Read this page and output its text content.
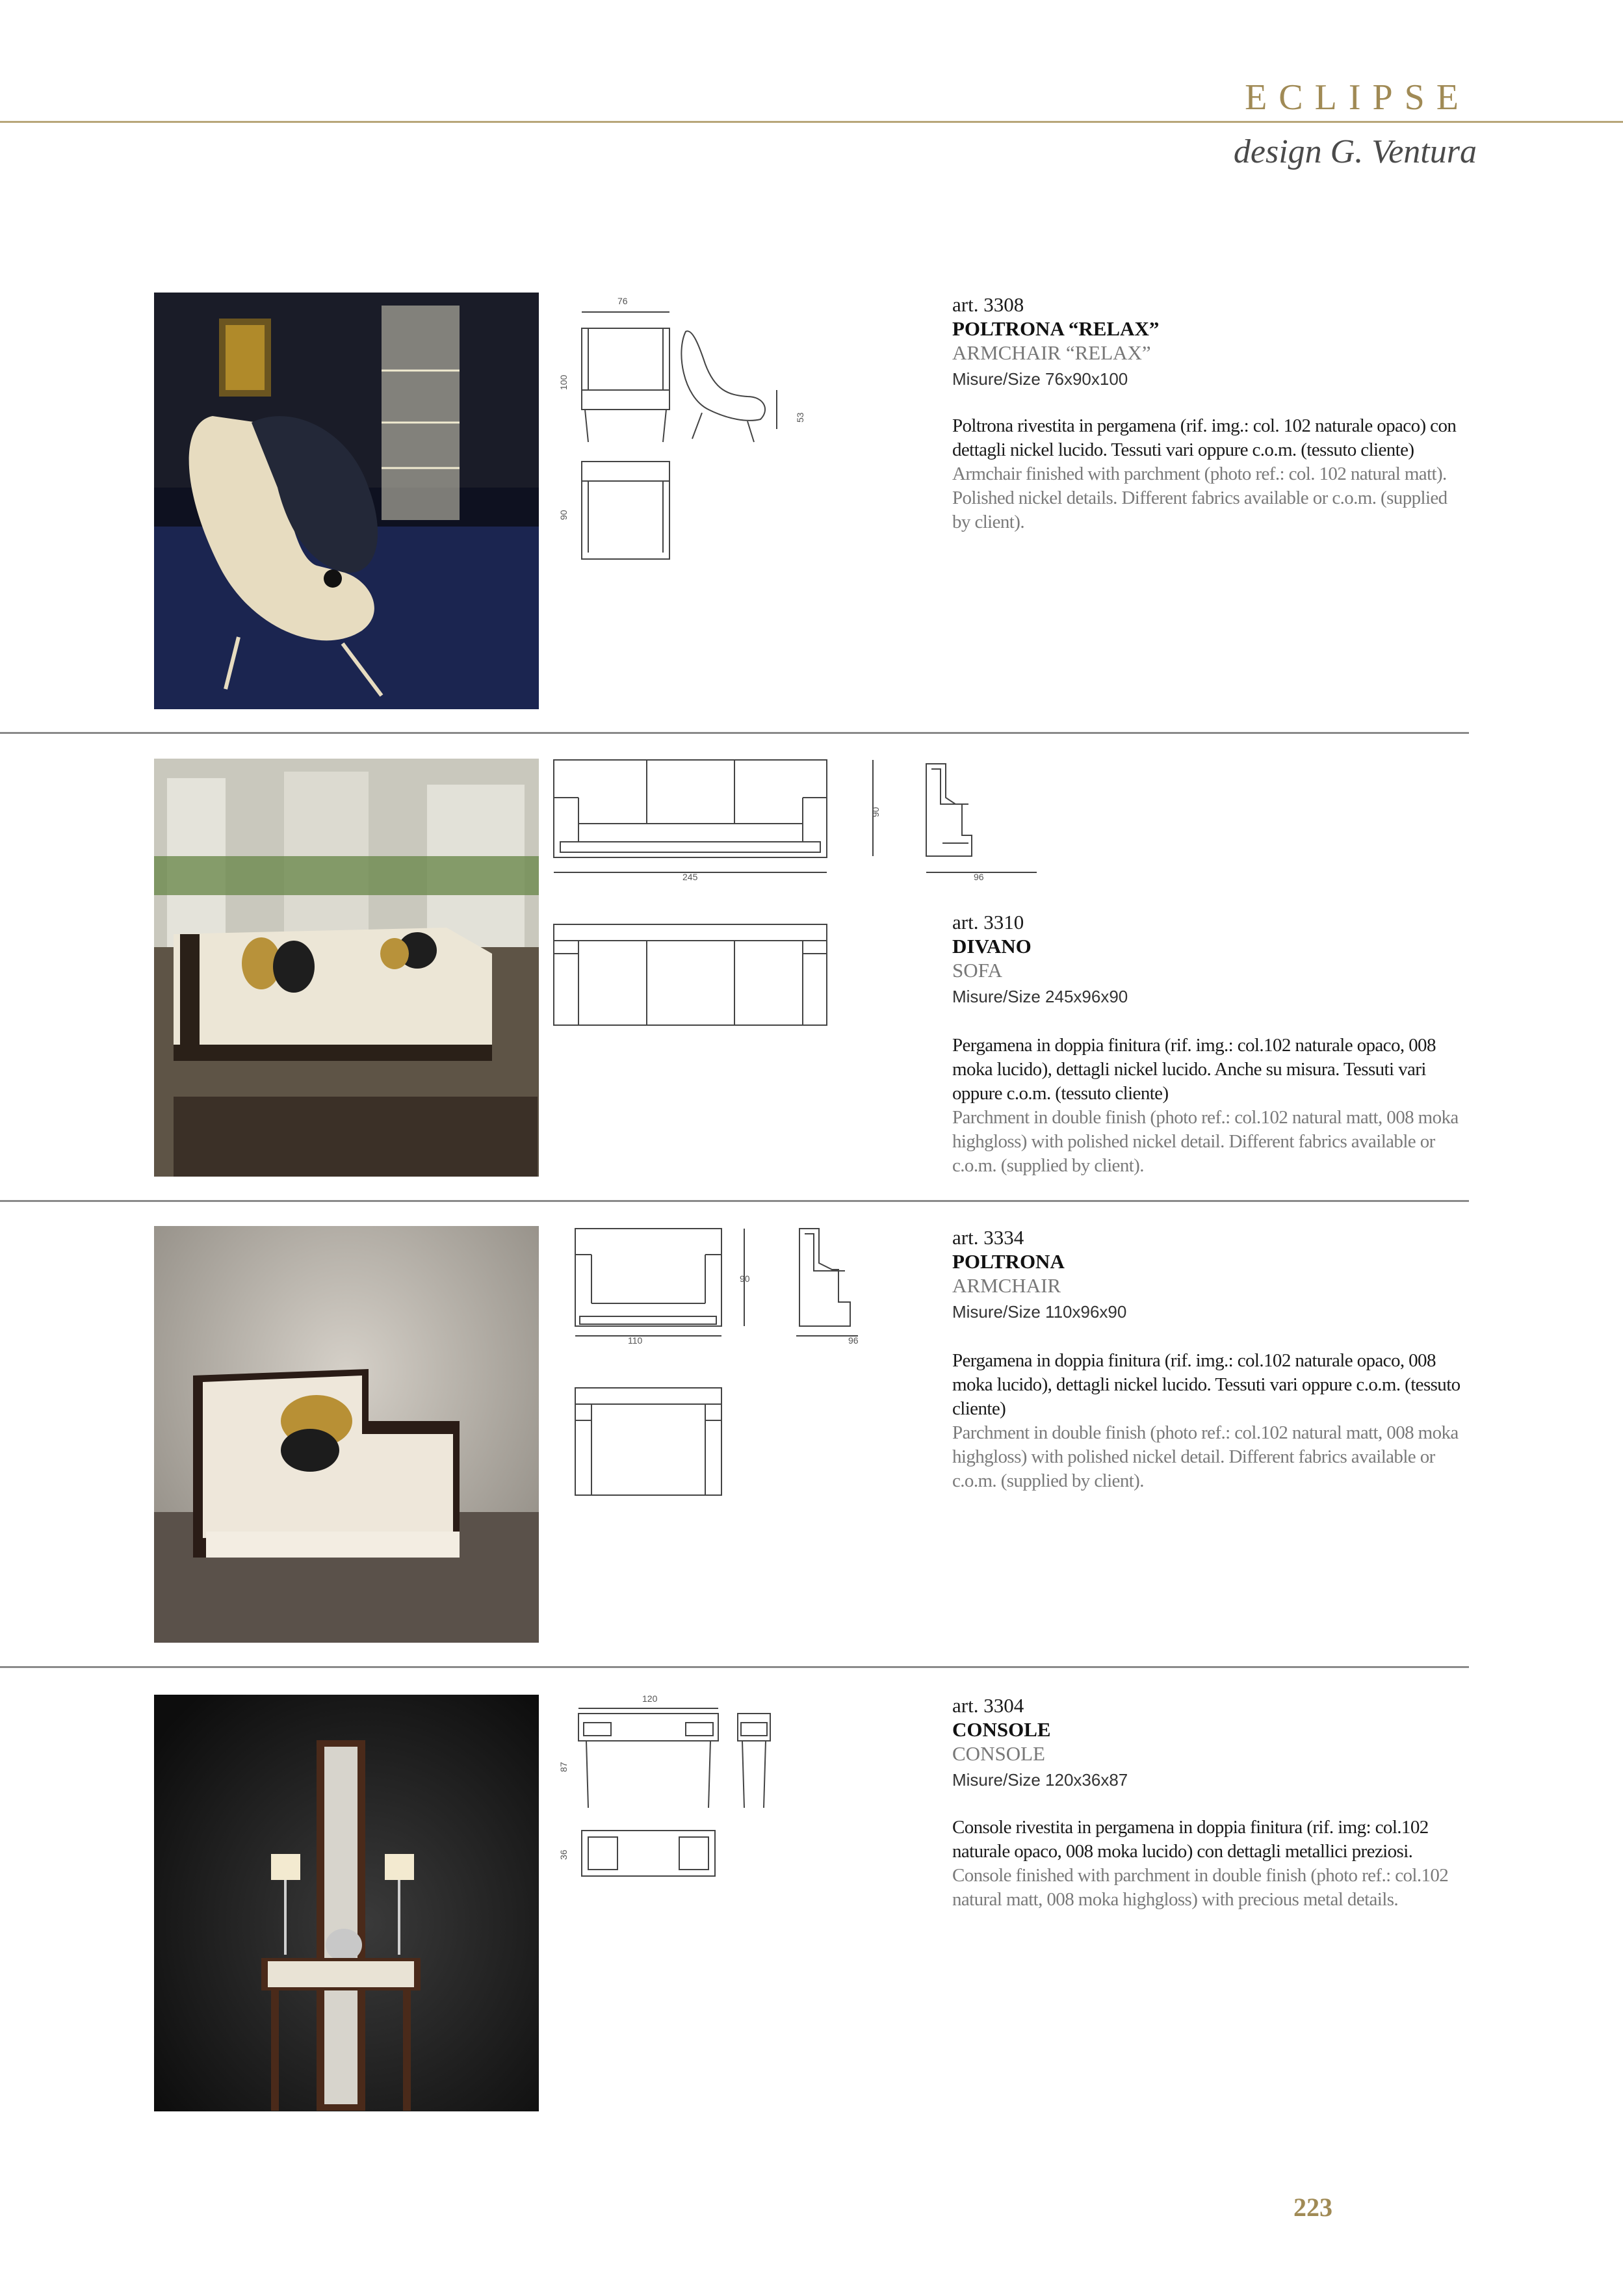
ECLIPSE
design G. Ventura
76
100
53
90
art. 3308
POLTRONA “RELAX”
ARMCHAIR “RELAX”
Misure/Size 76x90x100
Poltrona rivestita in pergamena (rif. img.: col. 102 naturale opaco) con dettagli nickel lucido. Tessuti vari oppure c.o.m. (tessuto cliente)
Armchair finished with parchment (photo ref.: col. 102 natural matt). Polished nickel details. Different fabrics available or c.o.m. (supplied by client).
245
90
96
art. 3310
DIVANO
SOFA
Misure/Size 245x96x90
Pergamena in doppia finitura (rif. img.: col.102 naturale opaco, 008 moka lucido), dettagli nickel lucido. Anche su misura. Tessuti vari oppure c.o.m. (tessuto cliente)
Parchment in double finish (photo ref.: col.102 natural matt, 008 moka highgloss) with polished nickel detail. Different fabrics available or c.o.m. (supplied by client).
110
90
96
art. 3334
POLTRONA
ARMCHAIR
Misure/Size 110x96x90
Pergamena in doppia finitura (rif. img.: col.102 naturale opaco, 008 moka lucido), dettagli nickel lucido. Tessuti vari oppure c.o.m. (tessuto cliente)
Parchment in double finish (photo ref.: col.102 natural matt, 008 moka highgloss) with polished nickel detail. Different fabrics available or c.o.m. (supplied by client).
120
87
36
art. 3304
CONSOLE
CONSOLE
Misure/Size 120x36x87
Console rivestita in pergamena in doppia finitura (rif. img: col.102 naturale opaco, 008 moka lucido) con dettagli metallici preziosi.
Console finished with parchment in double finish (photo ref.: col.102 natural matt, 008 moka highgloss) with precious metal details.
223
